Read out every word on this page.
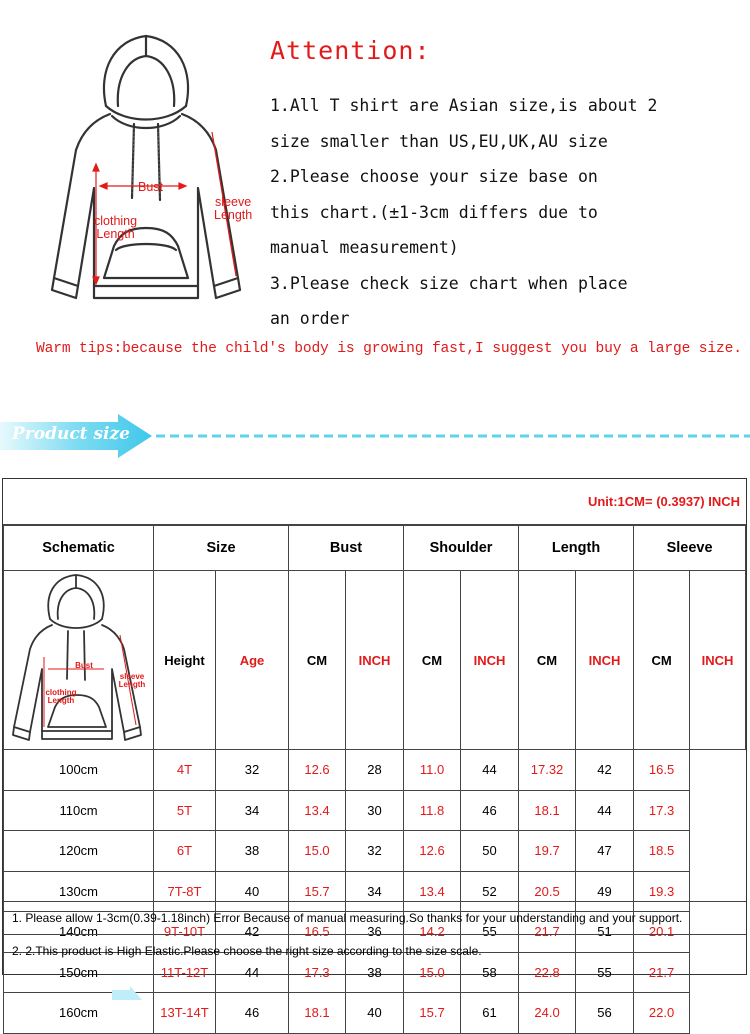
Bust
clothing
Length
sleeve
Length
Attention:
1.All T shirt are Asian size,is about 2
size smaller than US,EU,UK,AU size
2.Please choose your size base on
this chart.(±1-3cm differs due to
manual measurement)
3.Please check size chart when place
an order
Warm tips:because the child's body is growing fast,I suggest you buy a large size.
Product size
Unit:1CM= (0.3937) INCH
Schematic	Size		Bust		Shoulder		Length		Sleeve	

Bust
clothing
Length
sleeve
Length	Height	Age	CM	INCH	CM	INCH	CM	INCH	CM	INCH
100cm	4T	32	12.6	28	11.0	44	17.32	42	16.5	
110cm	5T	34	13.4	30	11.8	46	18.1	44	17.3	
120cm	6T	38	15.0	32	12.6	50	19.7	47	18.5	
130cm	7T-8T	40	15.7	34	13.4	52	20.5	49	19.3	
140cm	9T-10T	42	16.5	36	14.2	55	21.7	51	20.1	
150cm	11T-12T	44	17.3	38	15.0	58	22.8	55	21.7	
160cm	13T-14T	46	18.1	40	15.7	61	24.0	56	22.0	
1. Please allow 1-3cm(0.39-1.18inch) Error Because of manual measuring.So thanks for your understanding and your support.
2. 2.This product is High Elastic.Please choose the right size according to the size scale.
